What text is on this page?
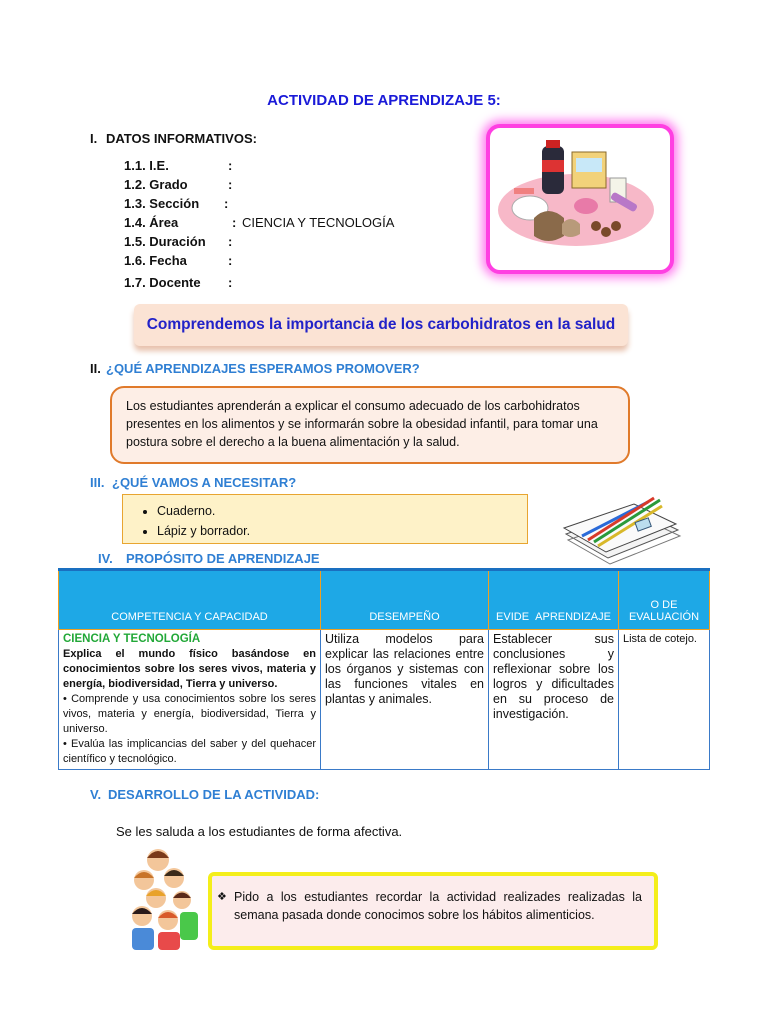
ACTIVIDAD DE APRENDIZAJE 5:
I. DATOS INFORMATIVOS:
1.1. I.E.	:
1.2. Grado	:
1.3. Sección :
1.4. Área	: CIENCIA Y TECNOLOGÍA
1.5. Duración :
1.6. Fecha	:
1.7. Docente :
Comprendemos la importancia de los carbohidratos en la salud
II. ¿QUÉ APRENDIZAJES ESPERAMOS PROMOVER?
Los estudiantes aprenderán a explicar el consumo adecuado de los carbohidratos presentes en los alimentos y se informarán sobre la obesidad infantil, para tomar una postura sobre el derecho a la buena alimentación y la salud.
III. ¿QUÉ VAMOS A NECESITAR?
• Cuaderno.
• Lápiz y borrador.
IV. PROPÓSITO DE APRENDIZAJE
COMPETENCIA Y CAPACIDAD	DESEMPEÑO	EVIDE  APRENDIZAJE	O DE EVALUACIÓN

CIENCIA Y TECNOLOGÍA
Explica el mundo físico basándose en conocimientos sobre los seres vivos, materia y energía, biodiversidad, Tierra y universo.
• Comprende y usa conocimientos sobre los seres vivos, materia y energía, biodiversidad, Tierra y universo.
• Evalúa las implicancias del saber y del quehacer científico y tecnológico.	Utiliza modelos para explicar las relaciones entre los órganos y sistemas con las funciones vitales en plantas y animales.	Establecer sus conclusiones y reflexionar sobre los logros y dificultades en su proceso de investigación.	Lista de cotejo.
V. DESARROLLO DE LA ACTIVIDAD:
Se les saluda a los estudiantes de forma afectiva.
❖ Pido a los estudiantes recordar la actividad realizades realizadas la semana pasada donde conocimos sobre los hábitos alimenticios.
